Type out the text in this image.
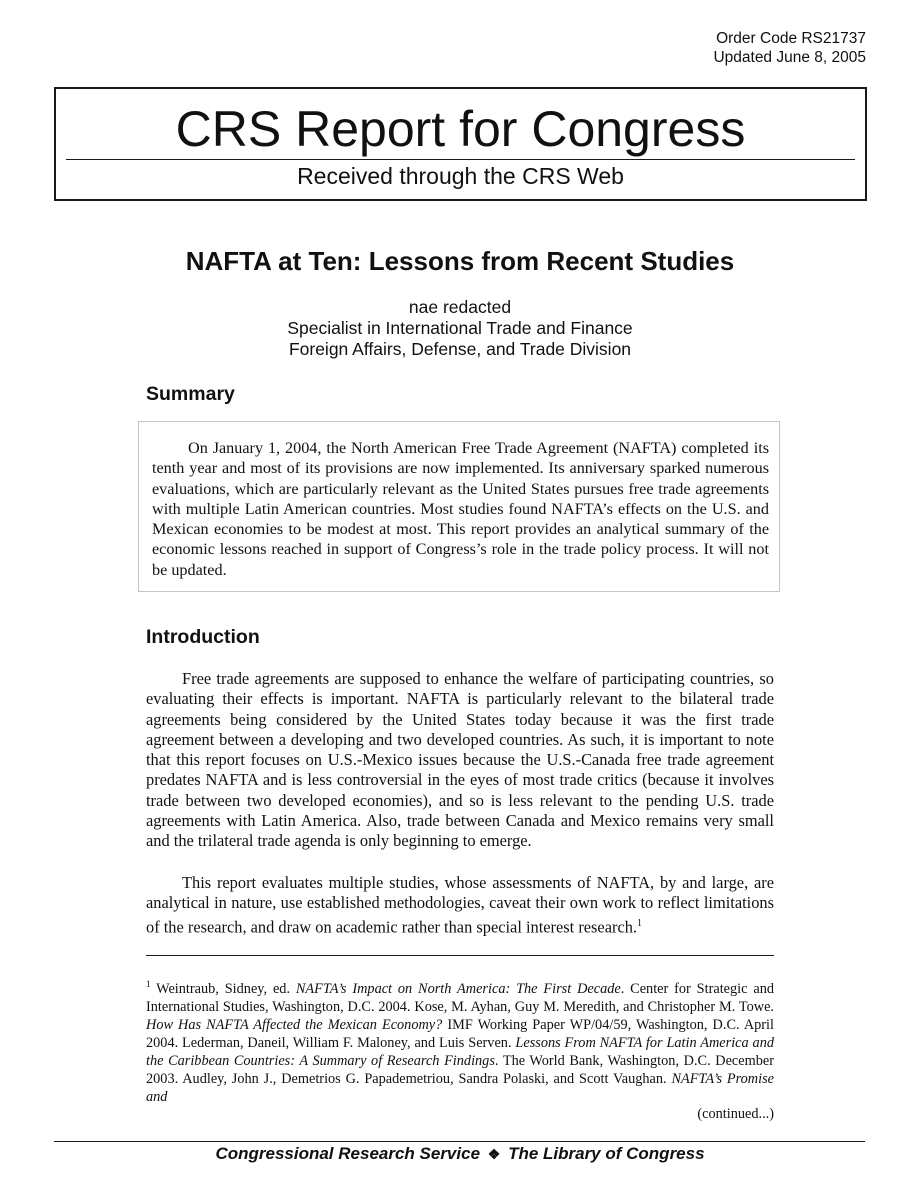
Order Code RS21737
Updated June 8, 2005
CRS Report for Congress
Received through the CRS Web
NAFTA at Ten: Lessons from Recent Studies
nae redacted
Specialist in International Trade and Finance
Foreign Affairs, Defense, and Trade Division
Summary

On January 1, 2004, the North American Free Trade Agreement (NAFTA) completed its tenth year and most of its provisions are now implemented. Its anniversary sparked numerous evaluations, which are particularly relevant as the United States pursues free trade agreements with multiple Latin American countries. Most studies found NAFTA’s effects on the U.S. and Mexican economies to be modest at most. This report provides an analytical summary of the economic lessons reached in support of Congress’s role in the trade policy process. It will not be updated.

Introduction

Free trade agreements are supposed to enhance the welfare of participating countries, so evaluating their effects is important. NAFTA is particularly relevant to the bilateral trade agreements being considered by the United States today because it was the first trade agreement between a developing and two developed countries. As such, it is important to note that this report focuses on U.S.-Mexico issues because the U.S.-Canada free trade agreement predates NAFTA and is less controversial in the eyes of most trade critics (because it involves trade between two developed economies), and so is less relevant to the pending U.S. trade agreements with Latin America. Also, trade between Canada and Mexico remains very small and the trilateral trade agenda is only beginning to emerge.

This report evaluates multiple studies, whose assessments of NAFTA, by and large, are analytical in nature, use established methodologies, caveat their own work to reflect limitations of the research, and draw on academic rather than special interest research.$^1$

$^1$ Weintraub, Sidney, ed. NAFTA’s Impact on North America: The First Decade. Center for Strategic and International Studies, Washington, D.C. 2004. Kose, M. Ayhan, Guy M. Meredith, and Christopher M. Towe. How Has NAFTA Affected the Mexican Economy? IMF Working Paper WP/04/59, Washington, D.C. April 2004. Lederman, Daneil, William F. Maloney, and Luis Serven. Lessons From NAFTA for Latin America and the Caribbean Countries: A Summary of Research Findings. The World Bank, Washington, D.C. December 2003. Audley, John J., Demetrios G. Papademetriou, Sandra Polaski, and Scott Vaughan. NAFTA’s Promise and

(continued...)
Congressional Research Service ❖ The Library of Congress
